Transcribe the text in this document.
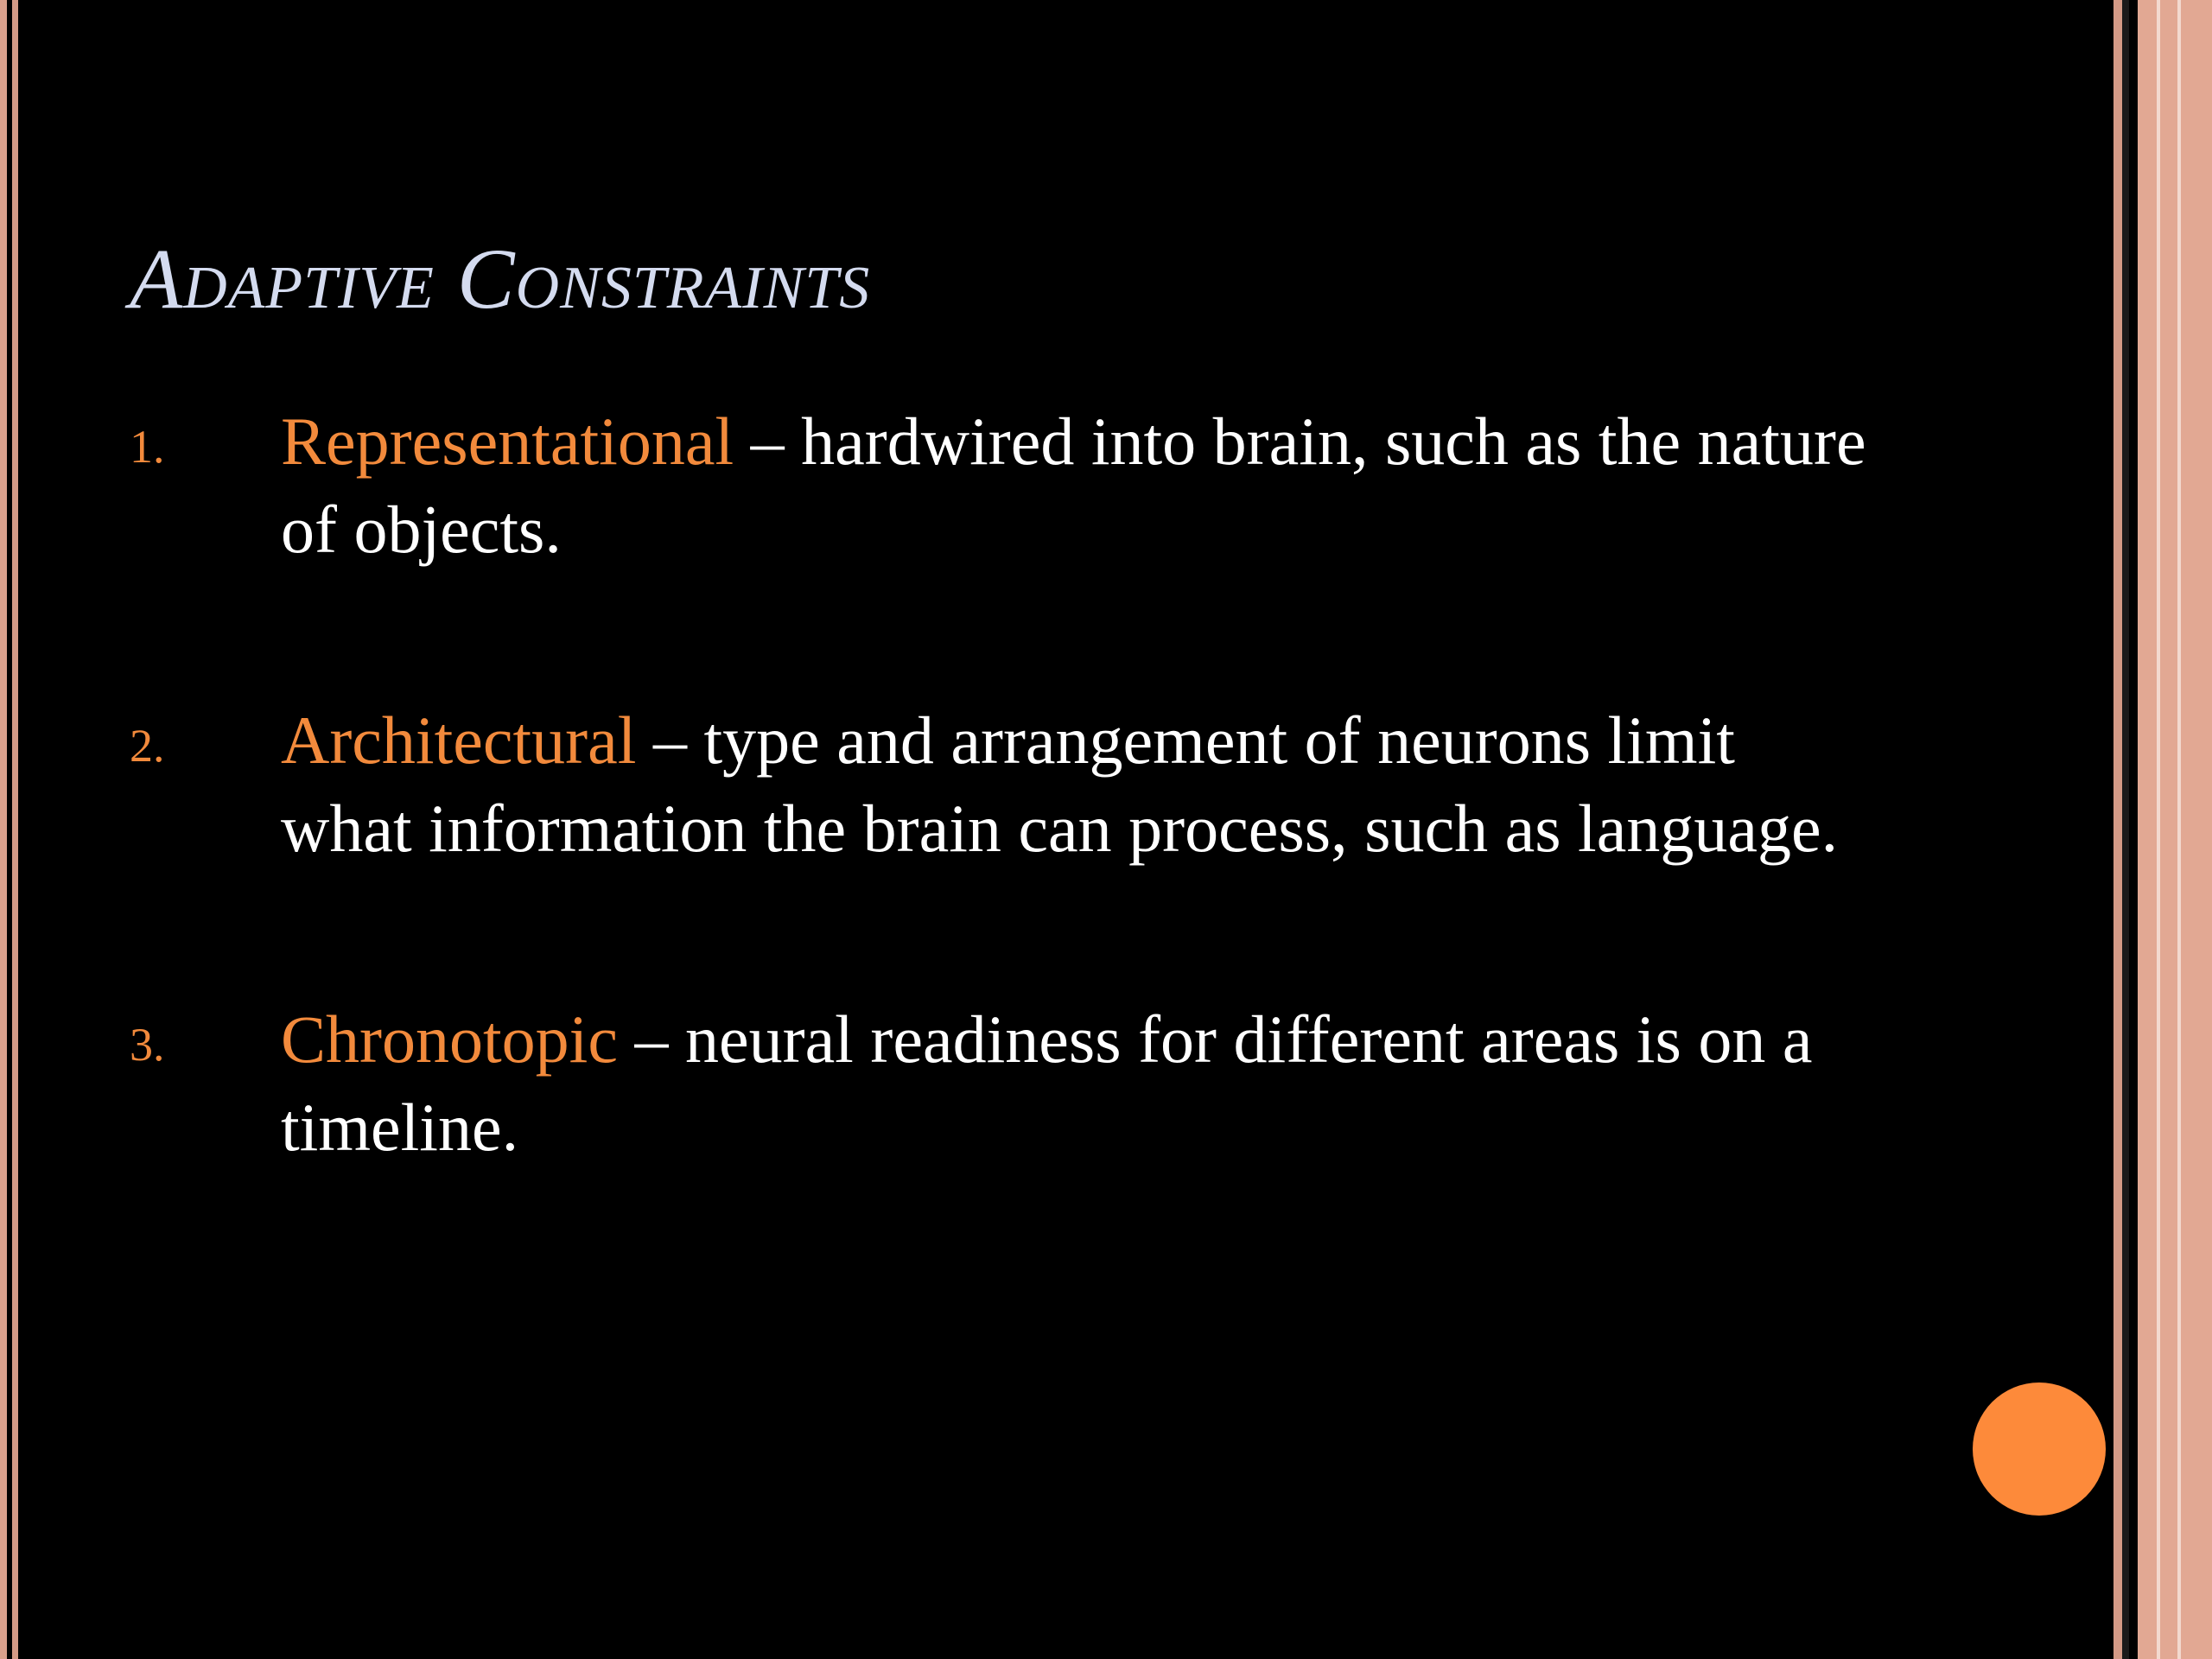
Adaptive Constraints
1.	Representational – hardwired into brain, such as the nature of objects.
2.	Architectural – type and arrangement of neurons limit what information the brain can process, such as language.
3.	Chronotopic – neural readiness for different areas is on a timeline.
